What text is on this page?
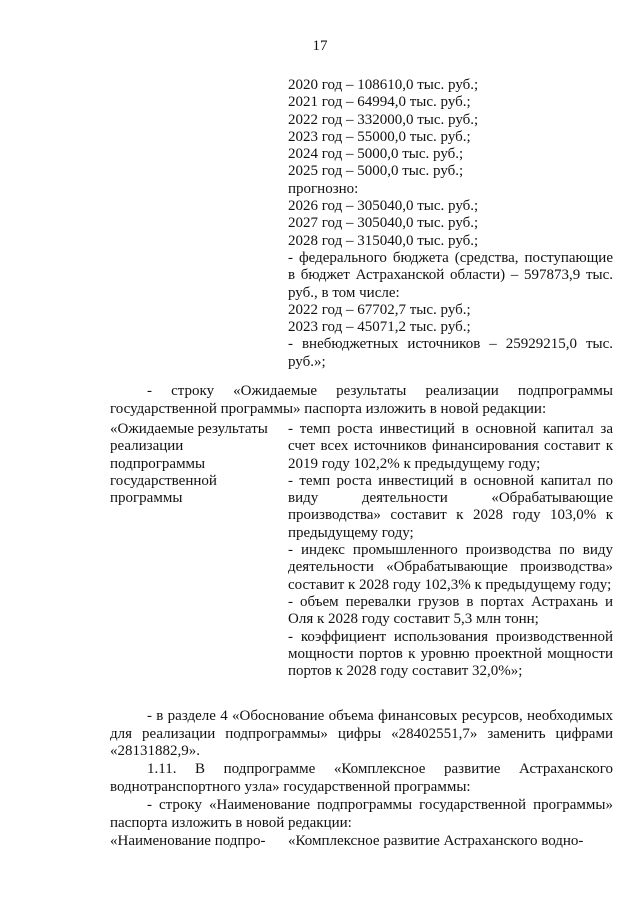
17
2020 год – 108610,0 тыс. руб.;
2021 год – 64994,0 тыс. руб.;
2022 год – 332000,0 тыс. руб.;
2023 год – 55000,0 тыс. руб.;
2024 год – 5000,0 тыс. руб.;
2025 год – 5000,0 тыс. руб.;
прогнозно:
2026 год – 305040,0 тыс. руб.;
2027 год – 305040,0 тыс. руб.;
2028 год – 315040,0 тыс. руб.;
- федерального бюджета (средства, поступающие в бюджет Астраханской области) – 597873,9 тыс. руб., в том числе:
2022 год – 67702,7 тыс. руб.;
2023 год – 45071,2 тыс. руб.;
- внебюджетных источников – 25929215,0 тыс. руб.»;
- строку «Ожидаемые результаты реализации подпрограммы государственной программы» паспорта изложить в новой редакции:
«Ожидаемые результаты реализации подпрограммы государственной программы
- темп роста инвестиций в основной капитал за счет всех источников финансирования составит к 2019 году 102,2% к предыдущему году;
- темп роста инвестиций в основной капитал по виду деятельности «Обрабатывающие производства» составит к 2028 году 103,0% к предыдущему году;
- индекс промышленного производства по виду деятельности «Обрабатывающие производства» составит к 2028 году 102,3% к предыдущему году;
- объем перевалки грузов в портах Астрахань и Оля к 2028 году составит 5,3 млн тонн;
- коэффициент использования производственной мощности портов к уровню проектной мощности портов к 2028 году составит 32,0%»;
- в разделе 4 «Обоснование объема финансовых ресурсов, необходимых для реализации подпрограммы» цифры «28402551,7» заменить цифрами «28131882,9».
1.11. В подпрограмме «Комплексное развитие Астраханского воднотранспортного узла» государственной программы:
- строку «Наименование подпрограммы государственной программы» паспорта изложить в новой редакции:
«Наименование подпро-	«Комплексное развитие Астраханского водно-
